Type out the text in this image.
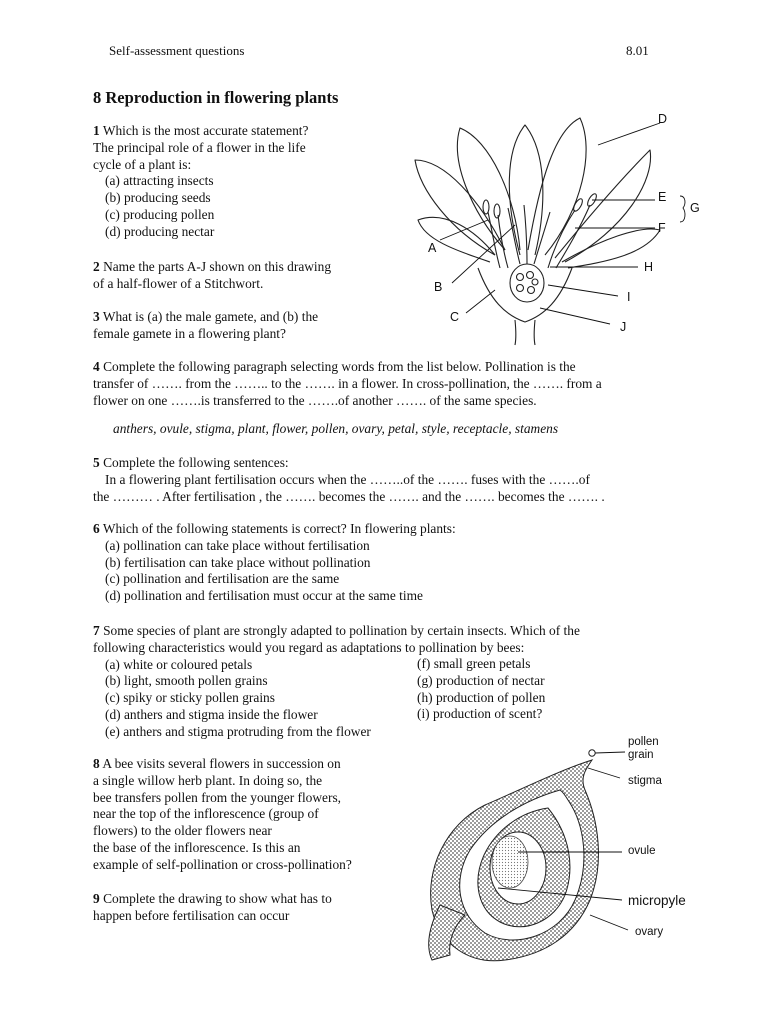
Self-assessment questions	8.01
8 Reproduction in flowering plants
1 Which is the most accurate statement?
The principal role of a flower in the life
cycle of a plant is:
(a) attracting insects
(b) producing seeds
(c) producing pollen
(d) producing nectar
2 Name the parts A-J shown on this drawing
of a half-flower of a Stitchwort.
3 What is (a) the male gamete, and (b) the
female gamete in a flowering plant?
D
E
G
F
A
H
B
I
C
J
4 Complete the following paragraph selecting words from the list below. Pollination is the
transfer of ……. from the …….. to the ……. in a flower. In cross-pollination, the ……. from a
flower on one …….is transferred to the …….of another ……. of the same species.
anthers, ovule, stigma, plant, flower, pollen, ovary, petal, style, receptacle, stamens
5 Complete the following sentences:
In a flowering plant fertilisation occurs when the ……..of the ……. fuses with the …….of
the ……… . After fertilisation , the ……. becomes the ……. and the ……. becomes the ……. .
6 Which of the following statements is correct? In flowering plants:
(a) pollination can take place without fertilisation
(b) fertilisation can take place without pollination
(c) pollination and fertilisation are the same
(d) pollination and fertilisation must occur at the same time
7 Some species of plant are strongly adapted to pollination by certain insects. Which of the
following characteristics would you regard as adaptations to pollination by bees:
(a) white or coloured petals
(b) light, smooth pollen grains
(c) spiky or sticky pollen grains
(d) anthers and stigma inside the flower
(e) anthers and stigma protruding from the flower
(f) small green petals
(g) production of nectar
(h) production of pollen
(i) production of scent?
8 A bee visits several flowers in succession on
a single willow herb plant. In doing so, the
bee transfers pollen from the younger flowers,
near the top of the inflorescence (group of
flowers) to the older flowers near
the base of the inflorescence. Is this an
example of self-pollination or cross-pollination?
9 Complete the drawing to show what has to
happen before fertilisation can occur
pollen
grain
stigma
ovule
micropyle
ovary
